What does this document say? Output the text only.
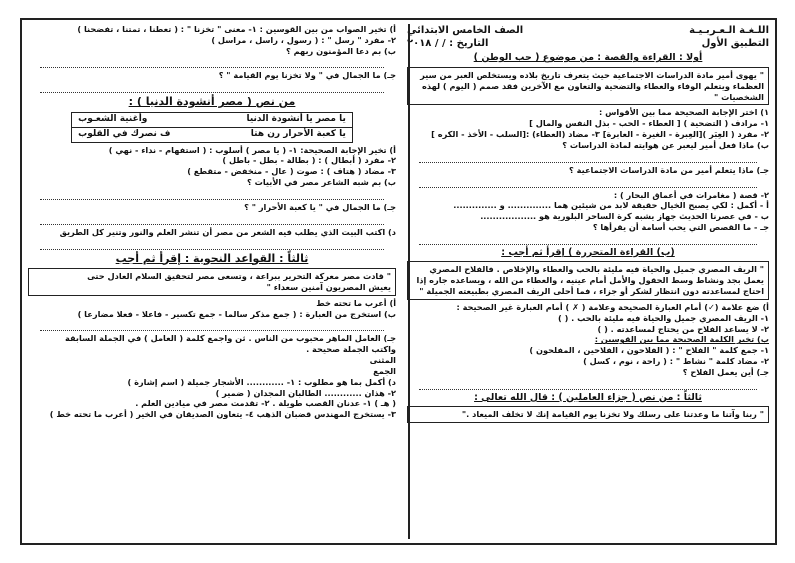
اللـغـة الـعـربـيـة
الصف الخامس الابتدائي
التطبيق الأول
التاريخ : / / ٢٠١٨
أولا : القراءة والقصة : من موضوع ( حب الوطن )
" يهوى أمير مادة الدراسات الاجتماعية حيث يتعرف تاريخ بلاده ويستخلص العبر من سير العظماء ويتعلم الوفاء والعطاء والتضحية والتعاون مع الآخرين فقد صمم ( اليوم ) لهذه الشخصيات "
١) اختر الإجابة الصحيحة مما بين الأقواس :
١- مرادف ( التضحية ) [ العطاء - الحب - بذل النفس والمال ]
٢- مفرد ( العِبَر )[العِبرة - الغيرة - العابرة] ٣- مضاد (العطاء) :[السلب - الأخذ - الكره ]
ب) ماذا فعل أمير ليعبر عن هوايته لمادة الدراسات ؟
جـ) ماذا يتعلم أمير من مادة الدراسات الاجتماعية ؟
٢- قصة ( مغامرات في أعماق البحار ) :
أ - أكمل : لكي يصبح الخيال حقيقة لابد من شيئين هما .............. و ..............
ب - في عصرنا الحديث جهاز يشبه كرة الساحر البلورية هو ..................
جـ - ما القصص التي يحب أسامة أن يقرأها ؟
(ب) القراءة المتحررة ) إقرأ ثم أجب :
" الريف المصري جميل والحياة فيه مليئة بالحب والعطاء والإخلاص . فالفلاح المصري يعمل بجد ونشاط وسط الحقول والأمل أمام عينيه ، والعطاء من الله ، ويساعده جاره إذا احتاج لمساعدته دون انتظار لشكر أو جزاء ، فما أحلى الريف المصري بطبيعته الجميلة "
أ) ضع علامة (✓) أمام العبارة الصحيحة وعلامة ( ✗ ) أمام العبارة غير الصحيحة :
١- الريف المصري جميل والحياة فيه مليئة بالحب . ( )
٢- لا يساعد الفلاح من يحتاج لمساعدته . ( )
ب) تخير الكلمة الصحيحة مما بين القوسين :
١- جمع كلمة " الفلاح " : ( الفلاحون ، الفلاحين ، المفلحون )
٢- مضاد كلمة " نشاط " : ( راحة ، نوم ، كسل )
جـ) أين يعمل الفلاح ؟
ثالثاً : من نص ( جزاء العاملين ) : قال الله تعالى :
" ربنا وآتنا ما وعدتنا على رسلك ولا تخزنا يوم القيامة إنك لا تخلف الميعاد ."
أ) تخير الصواب من بين القوسين : ١- معنى " تخزنا " : ( تعطنا ، تمتنا ، تفضحنا )
٢- مفرد " رسل " : ( رسول ، راسل ، مراسل )
ب) بم دعا المؤمنون ربهم ؟
جـ) ما الجمال في " ولا تخزنا يوم القيامة " ؟
من نص ( مصر أنشودة الدنيا ) :
يا مصر يا أنشودة الدنيا
وأغنية الشعـوب
يا كعبة الأحرار رن هتا
ف نصرك في القلوب
أ) تخير الإجابة الصحيحة: ١- ( يا مصر ) أسلوب : ( استفهام - نداء - نهي )
٢- مفرد ( أبطال ) : ( بطالة - بطل - باطل )
٣- مضاد ( هتاف ) : صوت ( عال - منخفض - متقطع )
ب) بم شبه الشاعر مصر في الأبيات ؟
جـ) ما الجمال في " يا كعبة الأحرار " ؟
د) اكتب البيت الذي يطلب فيه الشعر من مصر أن تنشر العلم والنور وتنير كل الطريق
ثالثاً : القواعد النحوية : إقرأ ثم أجب
" قادت مصر معركة التحرير ببراعة ، وتسعى مصر لتحقيق السلام العادل حتى
يعيش المصريون آمنين سعداء "
أ) أعرب ما تحته خط
ب) استخرج من العبارة : ( جمع مذكر سالما - جمع تكسير - فاعلا - فعلا مضارعا )
جـ) العامل الماهر محبوب من الناس . ثن واجمع كلمة ( العامل ) في الجملة السابقة
واكتب الجملة صحيحة .
المثنى
الجمع
د) أكمل بما هو مطلوب : ١- ............ الأشجار جميلة ( اسم إشارة )
٢- هذان ............ الطالبان المجدان ( ضمير )
( هـ ) ١- عدنان القصب طويلة . ٢- تقدمت مصر في ميادين العلم .
٣- يستخرج المهندس قضبان الذهب ٤- يتعاون الصديقان في الخير ( أعرب ما تحته خط )
